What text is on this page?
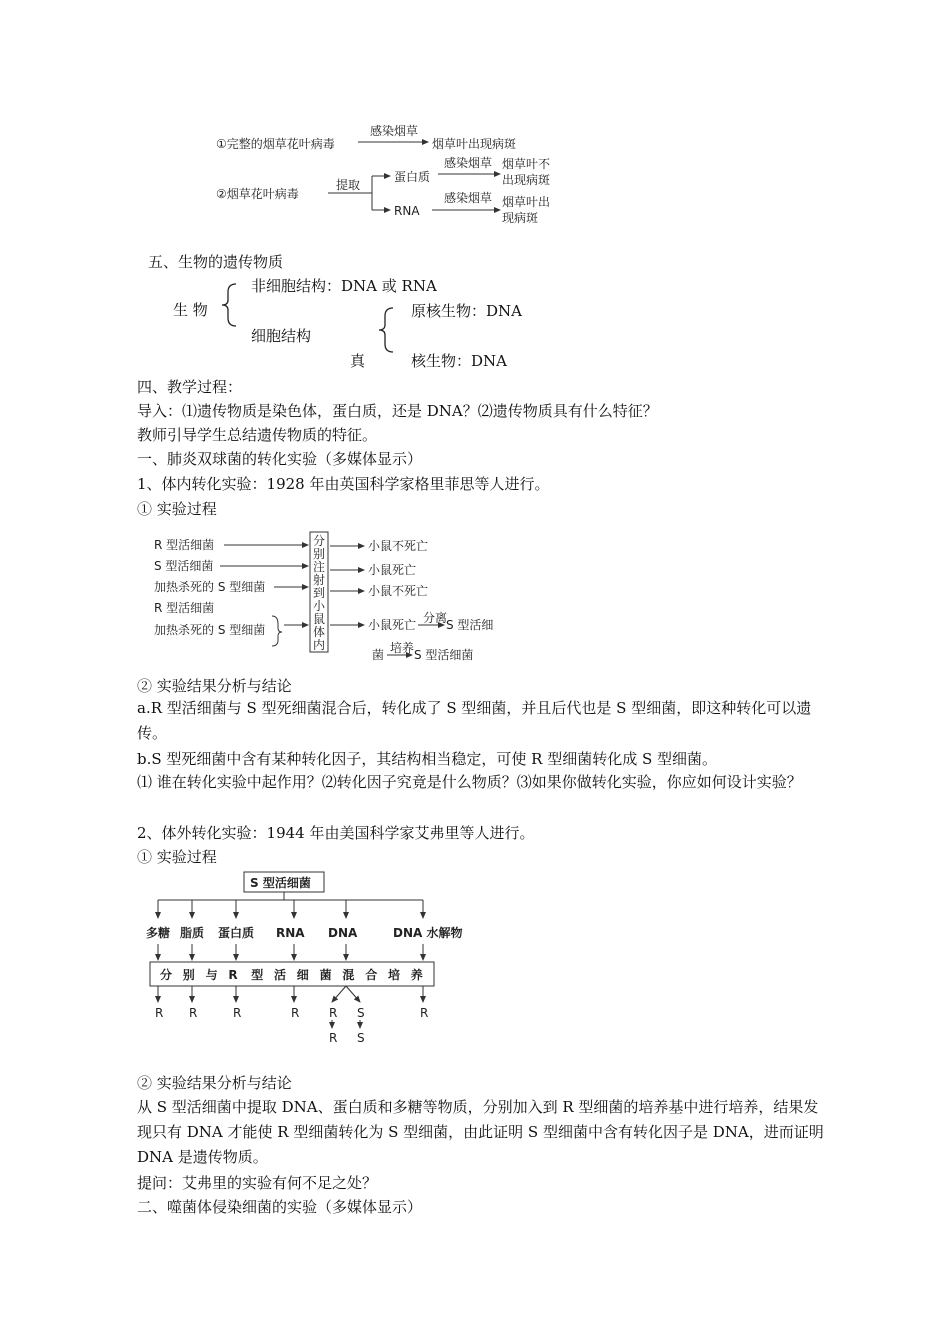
①完整的烟草花叶病毒
感染烟草
烟草叶出现病斑
②烟草花叶病毒
提取
蛋白质
感染烟草 烟草叶不
出现病斑
RNA
感染烟草 烟草叶出
现病斑
五、生物的遗传物质
生 物
非细胞结构：DNA 或 RNA
细胞结构
原核生物：DNA
真	核生物：DNA
四、教学过程：
导入：⑴遗传物质是染色体，蛋白质，还是 DNA？⑵遗传物质具有什么特征？
教师引导学生总结遗传物质的特征。
一、肺炎双球菌的转化实验（多媒体显示）
1、体内转化实验：1928 年由英国科学家格里菲思等人进行。
① 实验过程
R 型活细菌
S 型活细菌
加热杀死的 S 型细菌
R 型活细菌
加热杀死的 S 型细菌
分
别
注
射
到
小
鼠
体
内
小鼠不死亡
小鼠死亡
小鼠不死亡
小鼠死亡 分离
S 型活细
菌 培养 S 型活细菌
② 实验结果分析与结论
a.R 型活细菌与 S 型死细菌混合后，转化成了 S 型细菌，并且后代也是 S 型细菌，即这种转化可以遗传。
b.S 型死细菌中含有某种转化因子，其结构相当稳定，可使 R 型细菌转化成 S 型细菌。
⑴ 谁在转化实验中起作用？⑵转化因子究竟是什么物质？⑶如果你做转化实验，你应如何设计实验？
2、体外转化实验：1944 年由美国科学家艾弗里等人进行。
① 实验过程
S 型活细菌
多糖 脂质 蛋白质 RNA DNA	DNA 水解物
分 别 与 R 型 活 细 菌 混 合 培 养
R R	R	R R S	R
R S
② 实验结果分析与结论
从 S 型活细菌中提取 DNA、蛋白质和多糖等物质，分别加入到 R 型细菌的培养基中进行培养，结果发现只有 DNA 才能使 R 型细菌转化为 S 型细菌，由此证明 S 型细菌中含有转化因子是 DNA，进而证明 DNA 是遗传物质。
提问：艾弗里的实验有何不足之处？
二、噬菌体侵染细菌的实验（多媒体显示）
